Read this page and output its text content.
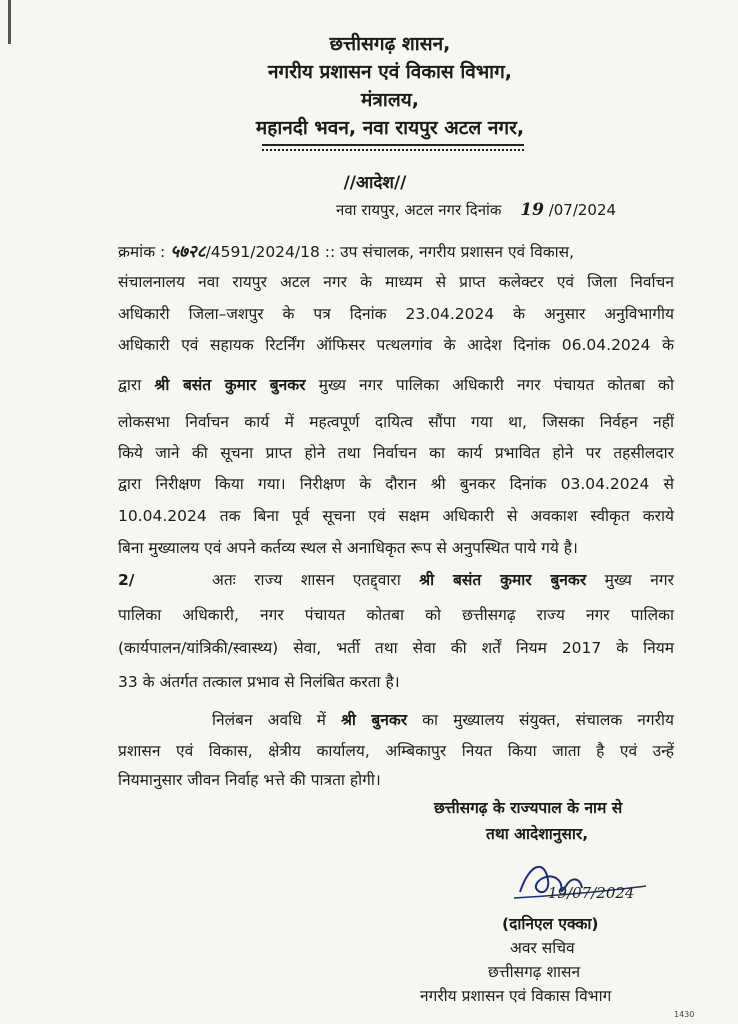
छत्तीसगढ़ शासन,
नगरीय प्रशासन एवं विकास विभाग,
मंत्रालय,
महानदी भवन, नवा रायपुर अटल नगर,
//आदेश//
नवा रायपुर, अटल नगर दिनांक 19 /07/2024
क्रमांक : ५७२८/4591/2024/18 :: उप संचालक, नगरीय प्रशासन एवं विकास,
संचालनालय नवा रायपुर अटल नगर के माध्यम से प्राप्त कलेक्टर एवं जिला निर्वाचन
अधिकारी जिला–जशपुर के पत्र दिनांक 23.04.2024 के अनुसार अनुविभागीय
अधिकारी एवं सहायक रिटर्निंग ऑफिसर पत्थलगांव के आदेश दिनांक 06.04.2024 के
द्वारा श्री बसंत कुमार बुनकर मुख्य नगर पालिका अधिकारी नगर पंचायत कोतबा को
लोकसभा निर्वाचन कार्य में महत्वपूर्ण दायित्व सौंपा गया था, जिसका निर्वहन नहीं
किये जाने की सूचना प्राप्त होने तथा निर्वाचन का कार्य प्रभावित होने पर तहसीलदार
द्वारा निरीक्षण किया गया। निरीक्षण के दौरान श्री बुनकर दिनांक 03.04.2024 से
10.04.2024 तक बिना पूर्व सूचना एवं सक्षम अधिकारी से अवकाश स्वीकृत कराये
बिना मुख्यालय एवं अपने कर्तव्य स्थल से अनाधिकृत रूप से अनुपस्थित पाये गये है।
2/	अतः राज्य शासन एतद्द्वारा श्री बसंत कुमार बुनकर मुख्य नगर
पालिका अधिकारी, नगर पंचायत कोतबा को छत्तीसगढ़ राज्य नगर पालिका
(कार्यपालन/यांत्रिकी/स्वास्थ्य) सेवा, भर्ती तथा सेवा की शर्तें नियम 2017 के नियम
33 के अंतर्गत तत्काल प्रभाव से निलंबित करता है।
निलंबन अवधि में श्री बुनकर का मुख्यालय संयुक्त, संचालक नगरीय
प्रशासन एवं विकास, क्षेत्रीय कार्यालय, अम्बिकापुर नियत किया जाता है एवं उन्हें
नियमानुसार जीवन निर्वाह भत्ते की पात्रता होगी।
छत्तीसगढ़ के राज्यपाल के नाम से
तथा आदेशानुसार,
19/07/2024
(दानिएल एक्का)
अवर सचिव
छत्तीसगढ़ शासन
नगरीय प्रशासन एवं विकास विभाग
1430
